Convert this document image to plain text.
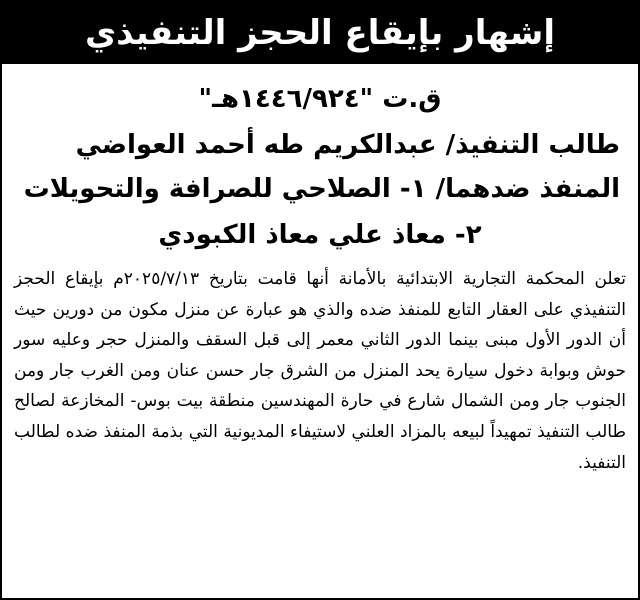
إشهار بإيقاع الحجز التنفيذي
ق.ت "١٤٤٦/٩٢٤هـ"
طالب التنفيذ/ عبدالكريم طه أحمد العواضي
المنفذ ضدهما/ ١- الصلاحي للصرافة والتحويلات
٢- معاذ علي معاذ الكبودي
تعلن المحكمة التجارية الابتدائية بالأمانة أنها قامت بتاريخ ٢٠٢٥/٧/١٣م بإيقاع الحجز التنفيذي على العقار التابع للمنفذ ضده والذي هو عبارة عن منزل مكون من دورين حيث أن الدور الأول مبنى بينما الدور الثاني معمر إلى قبل السقف والمنزل حجر وعليه سور حوش وبوابة دخول سيارة يحد المنزل من الشرق جار حسن عنان ومن الغرب جار ومن الجنوب جار ومن الشمال شارع في حارة المهندسين منطقة بيت بوس- المخازعة لصالح طالب التنفيذ تمهيداً لبيعه بالمزاد العلني لاستيفاء المديونية التي بذمة المنفذ ضده لطالب التنفيذ.
